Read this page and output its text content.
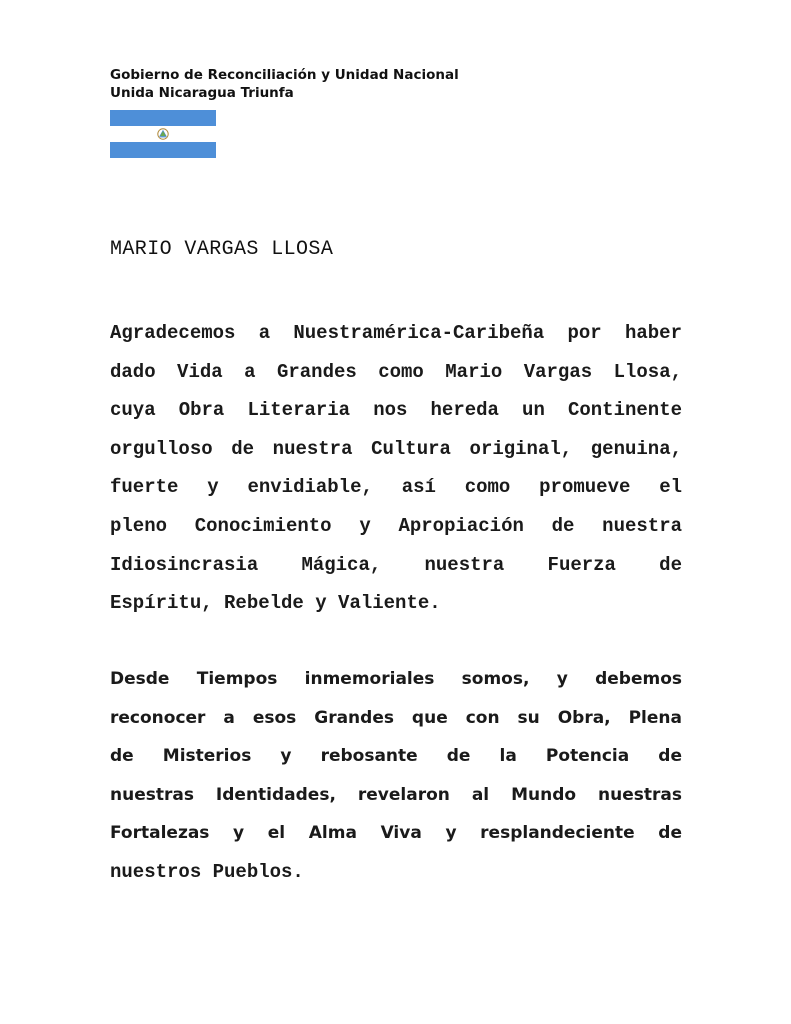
Gobierno de Reconciliación y Unidad Nacional
Unida Nicaragua Triunfa
MARIO VARGAS LLOSA
Agradecemos a Nuestramérica-Caribeña por haber
dado Vida a Grandes como Mario Vargas Llosa,
cuya Obra Literaria nos hereda un Continente
orgulloso de nuestra Cultura original, genuina,
fuerte y envidiable, así como promueve el
pleno Conocimiento y Apropiación de nuestra
Idiosincrasia Mágica, nuestra Fuerza de
Espíritu, Rebelde y Valiente.
Desde Tiempos inmemoriales somos, y debemos
reconocer a esos Grandes que con su Obra, Plena
de Misterios y rebosante de la Potencia de
nuestras Identidades, revelaron al Mundo nuestras
Fortalezas y el Alma Viva y resplandeciente de
nuestros Pueblos.
